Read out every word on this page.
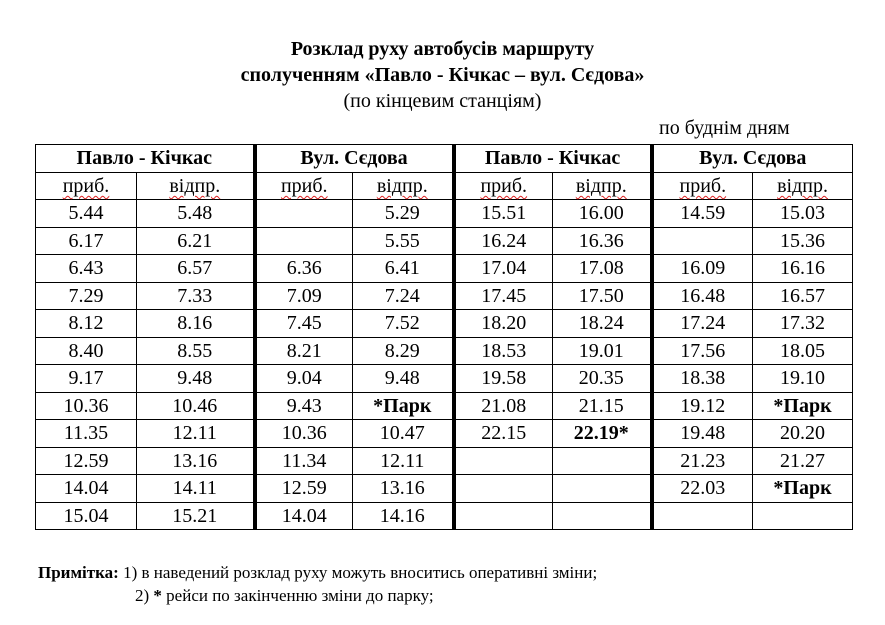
Розклад руху автобусів маршруту
сполученням «Павло - Кічкас – вул. Сєдова»
(по кінцевим станціям)
по буднім дням
Павло - Кічкас		Вул. Сєдова		Павло - Кічкас		Вул. Сєдова	
приб.	відпр.	приб.	відпр.	приб.	відпр.	приб.	відпр.
5.44	5.48		5.29	15.51	16.00	14.59	15.03
6.17	6.21		5.55	16.24	16.36		15.36
6.43	6.57	6.36	6.41	17.04	17.08	16.09	16.16
7.29	7.33	7.09	7.24	17.45	17.50	16.48	16.57
8.12	8.16	7.45	7.52	18.20	18.24	17.24	17.32
8.40	8.55	8.21	8.29	18.53	19.01	17.56	18.05
9.17	9.48	9.04	9.48	19.58	20.35	18.38	19.10
10.36	10.46	9.43	*Парк	21.08	21.15	19.12	*Парк
11.35	12.11	10.36	10.47	22.15	22.19*	19.48	20.20
12.59	13.16	11.34	12.11			21.23	21.27
14.04	14.11	12.59	13.16			22.03	*Парк
15.04	15.21	14.04	14.16				
Примітка: 1) в наведений розклад руху можуть вноситись оперативні зміни;
2) * рейси по закінченню зміни до парку;
